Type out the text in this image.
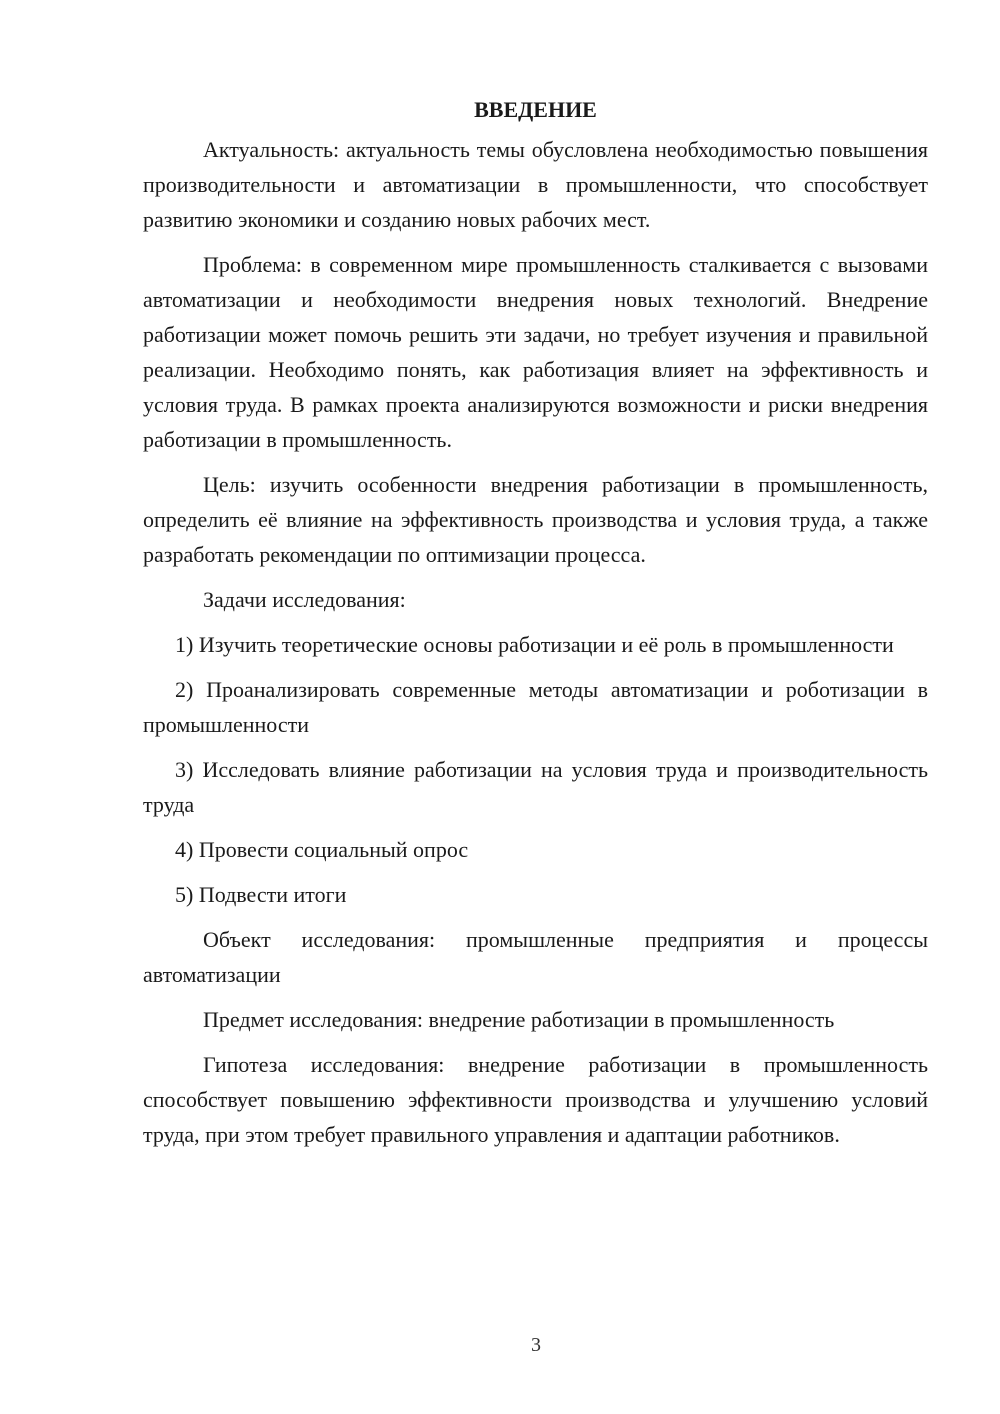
ВВЕДЕНИЕ

Актуальность: актуальность темы обусловлена необходимостью повышения производительности и автоматизации в промышленности, что способствует развитию экономики и созданию новых рабочих мест.

Проблема: в современном мире промышленность сталкивается с вызовами автоматизации и необходимости внедрения новых технологий. Внедрение работизации может помочь решить эти задачи, но требует изучения и правильной реализации. Необходимо понять, как работизация влияет на эффективность и условия труда. В рамках проекта анализируются возможности и риски внедрения работизации в промышленность.

Цель: изучить особенности внедрения работизации в промышленность, определить её влияние на эффективность производства и условия труда, а также разработать рекомендации по оптимизации процесса.

Задачи исследования:

1) Изучить теоретические основы работизации и её роль в промышленности

2) Проанализировать современные методы автоматизации и роботизации в промышленности

3) Исследовать влияние работизации на условия труда и производительность труда

4) Провести социальный опрос

5) Подвести итоги

Объект исследования: промышленные предприятия и процессы автоматизации

Предмет исследования: внедрение работизации в промышленность

Гипотеза исследования: внедрение работизации в промышленность способствует повышению эффективности производства и улучшению условий труда, при этом требует правильного управления и адаптации работников.

3
